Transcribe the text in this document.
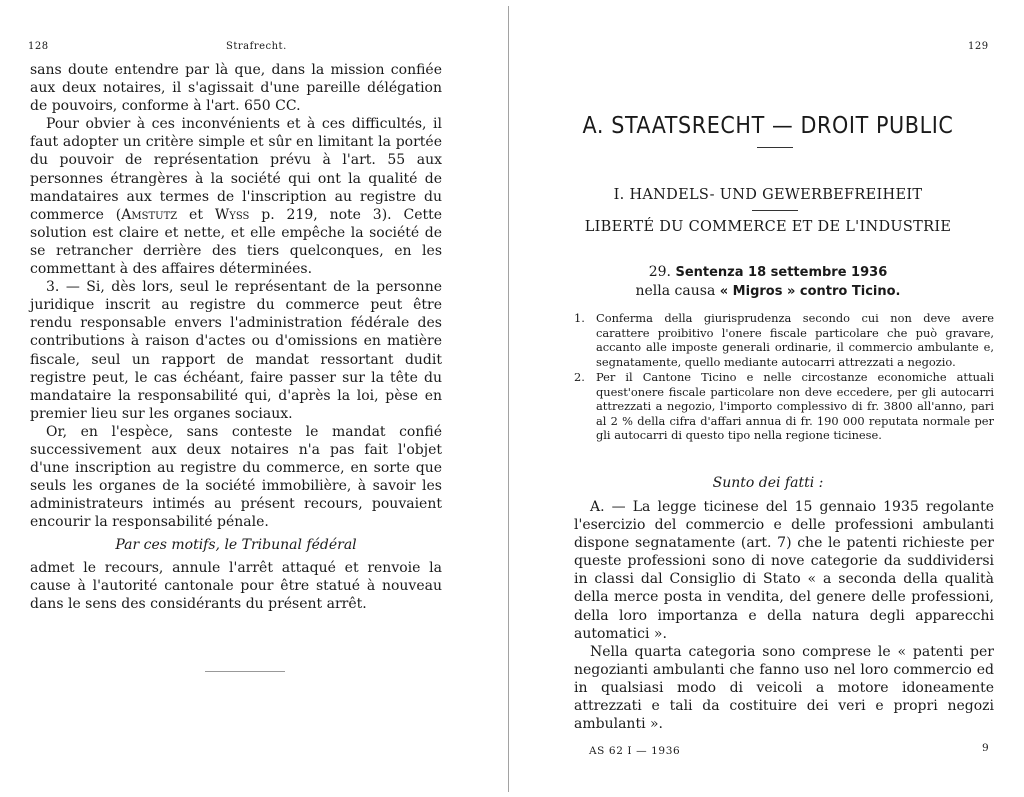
128	Strafrecht.

sans doute entendre par là que, dans la mission confiée aux deux notaires, il s'agissait d'une pareille délégation de pouvoirs, conforme à l'art. 650 CC.

Pour obvier à ces inconvénients et à ces difficultés, il faut adopter un critère simple et sûr en limitant la portée du pouvoir de représentation prévu à l'art. 55 aux personnes étrangères à la société qui ont la qualité de mandataires aux termes de l'inscription au registre du commerce (Amstutz et Wyss p. 219, note 3). Cette solution est claire et nette, et elle empêche la société de se retrancher derrière des tiers quelconques, en les commettant à des affaires déterminées.

3. — Si, dès lors, seul le représentant de la personne juridique inscrit au registre du commerce peut être rendu responsable envers l'administration fédérale des contributions à raison d'actes ou d'omissions en matière fiscale, seul un rapport de mandat ressortant dudit registre peut, le cas échéant, faire passer sur la tête du mandataire la responsabilité qui, d'après la loi, pèse en premier lieu sur les organes sociaux.

Or, en l'espèce, sans conteste le mandat confié successivement aux deux notaires n'a pas fait l'objet d'une inscription au registre du commerce, en sorte que seuls les organes de la société immobilière, à savoir les administrateurs intimés au présent recours, pouvaient encourir la responsabilité pénale.

Par ces motifs, le Tribunal fédéral

admet le recours, annule l'arrêt attaqué et renvoie la cause à l'autorité cantonale pour être statué à nouveau dans le sens des considérants du présent arrêt.

129
A. STAATSRECHT — DROIT PUBLIC
I. HANDELS- UND GEWERBEFREIHEIT
LIBERTÉ DU COMMERCE ET DE L'INDUSTRIE
29. Sentenza 18 settembre 1936
nella causa « Migros » contro Ticino.
1. Conferma della giurisprudenza secondo cui non deve avere carattere proibitivo l'onere fiscale particolare che può gravare, accanto alle imposte generali ordinarie, il commercio ambulante e, segnatamente, quello mediante autocarri attrezzati a negozio.
2. Per il Cantone Ticino e nelle circostanze economiche attuali quest'onere fiscale particolare non deve eccedere, per gli autocarri attrezzati a negozio, l'importo complessivo di fr. 3800 all'anno, pari al 2 % della cifra d'affari annua di fr. 190 000 reputata normale per gli autocarri di questo tipo nella regione ticinese.
Sunto dei fatti :

A. — La legge ticinese del 15 gennaio 1935 regolante l'esercizio del commercio e delle professioni ambulanti dispone segnatamente (art. 7) che le patenti richieste per queste professioni sono di nove categorie da suddividersi in classi dal Consiglio di Stato « a seconda della qualità della merce posta in vendita, del genere delle professioni, della loro importanza e della natura degli apparecchi automatici ».

Nella quarta categoria sono comprese le « patenti per negozianti ambulanti che fanno uso nel loro commercio ed in qualsiasi modo di veicoli a motore idoneamente attrezzati e tali da costituire dei veri e propri negozi ambulanti ».

AS 62 I — 1936	9
